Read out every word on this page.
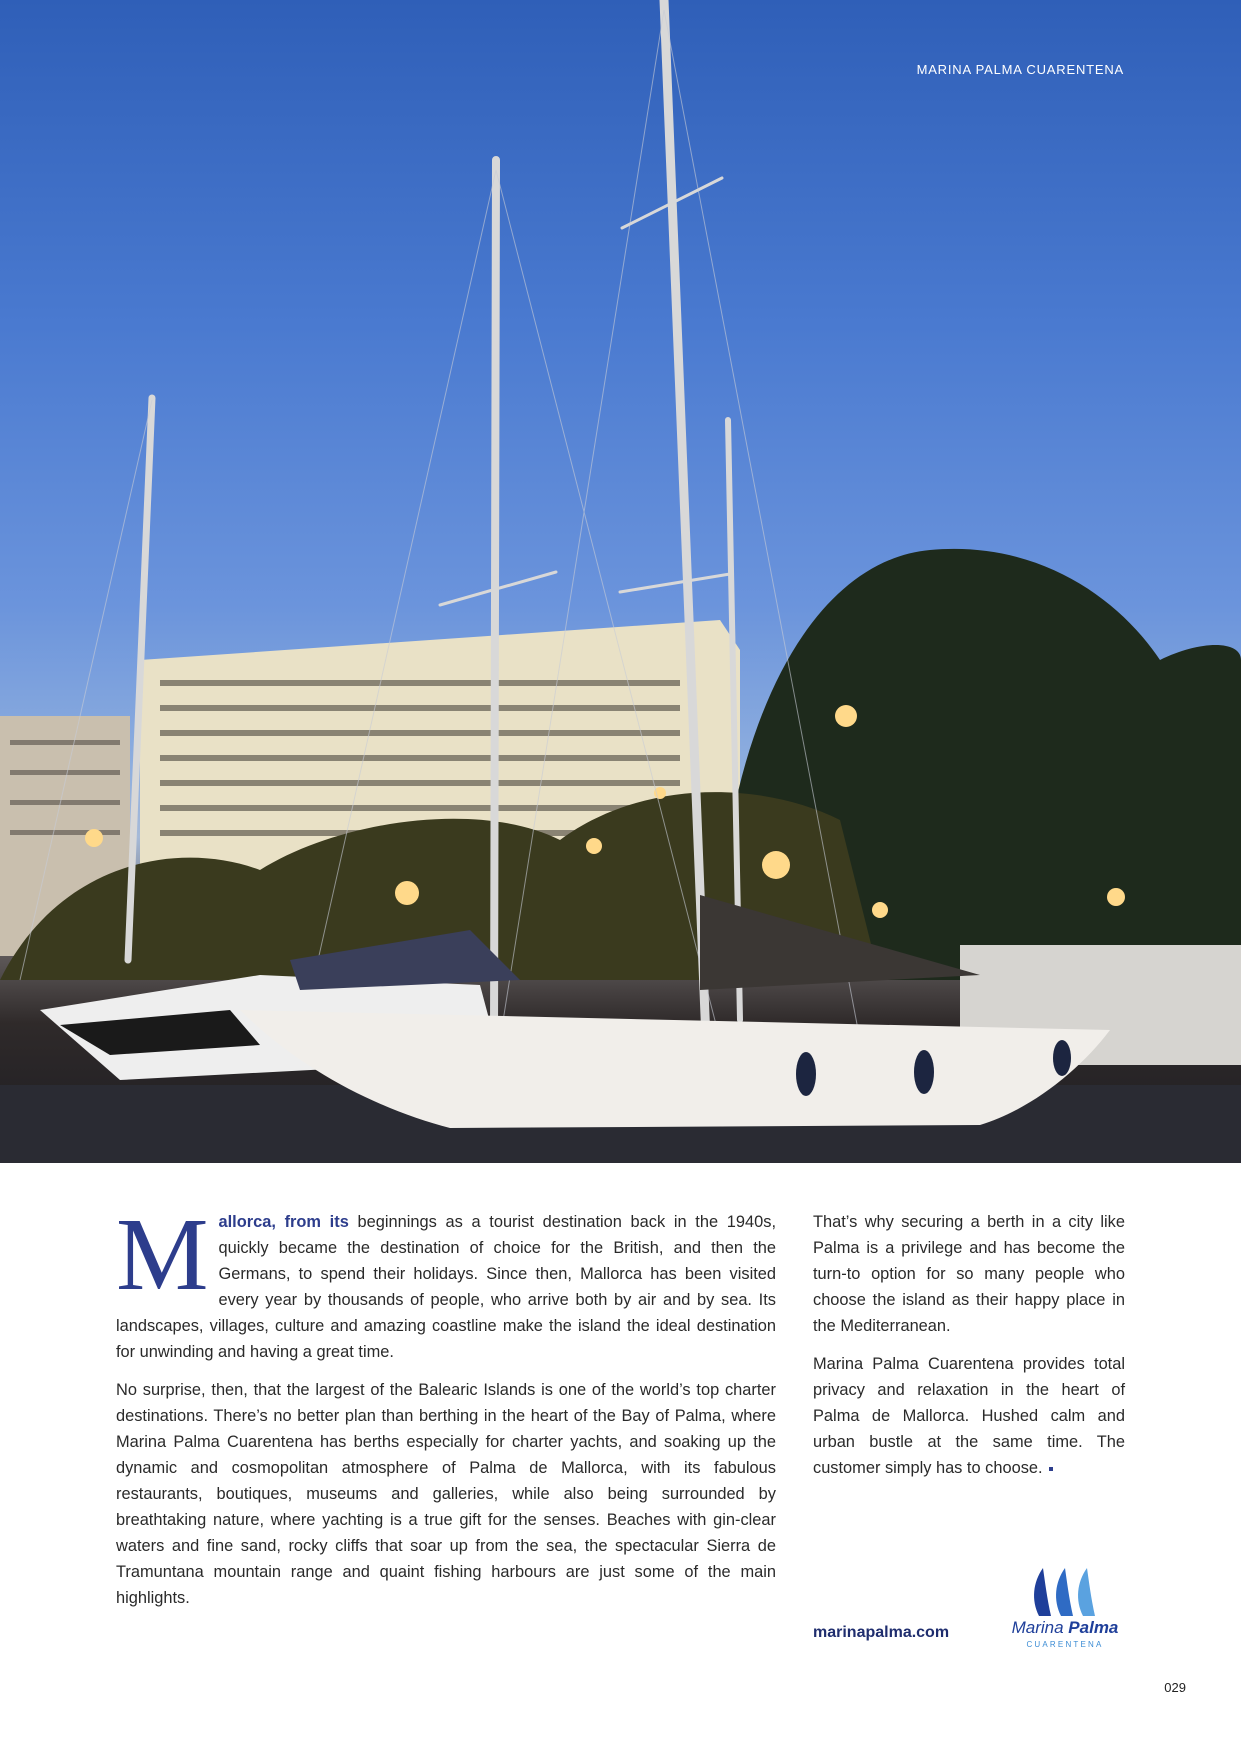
MARINA PALMA CUARENTENA

Mallorca, from its beginnings as a tourist destination back in the 1940s, quickly became the destination of choice for the British, and then the Germans, to spend their holidays. Since then, Mallorca has been visited every year by thousands of people, who arrive both by air and by sea. Its landscapes, villages, culture and amazing coastline make the island the ideal destination for unwinding and having a great time.

No surprise, then, that the largest of the Balearic Islands is one of the world’s top charter destinations. There’s no better plan than berthing in the heart of the Bay of Palma, where Marina Palma Cuarentena has berths especially for charter yachts, and soaking up the dynamic and cosmopolitan atmosphere of Palma de Mallorca, with its fabulous restaurants, boutiques, museums and galleries, while also being surrounded by breathtaking nature, where yachting is a true gift for the senses. Beaches with gin-clear waters and fine sand, rocky cliffs that soar up from the sea, the spectacular Sierra de Tramuntana mountain range and quaint fishing harbours are just some of the main highlights.

That’s why securing a berth in a city like Palma is a privilege and has become the turn-to option for so many people who choose the island as their happy place in the Mediterranean.

Marina Palma Cuarentena provides total privacy and relaxation in the heart of Palma de Mallorca. Hushed calm and urban bustle at the same time. The customer simply has to choose.

marinapalma.com	Marina Palma
CUARENTENA
029
